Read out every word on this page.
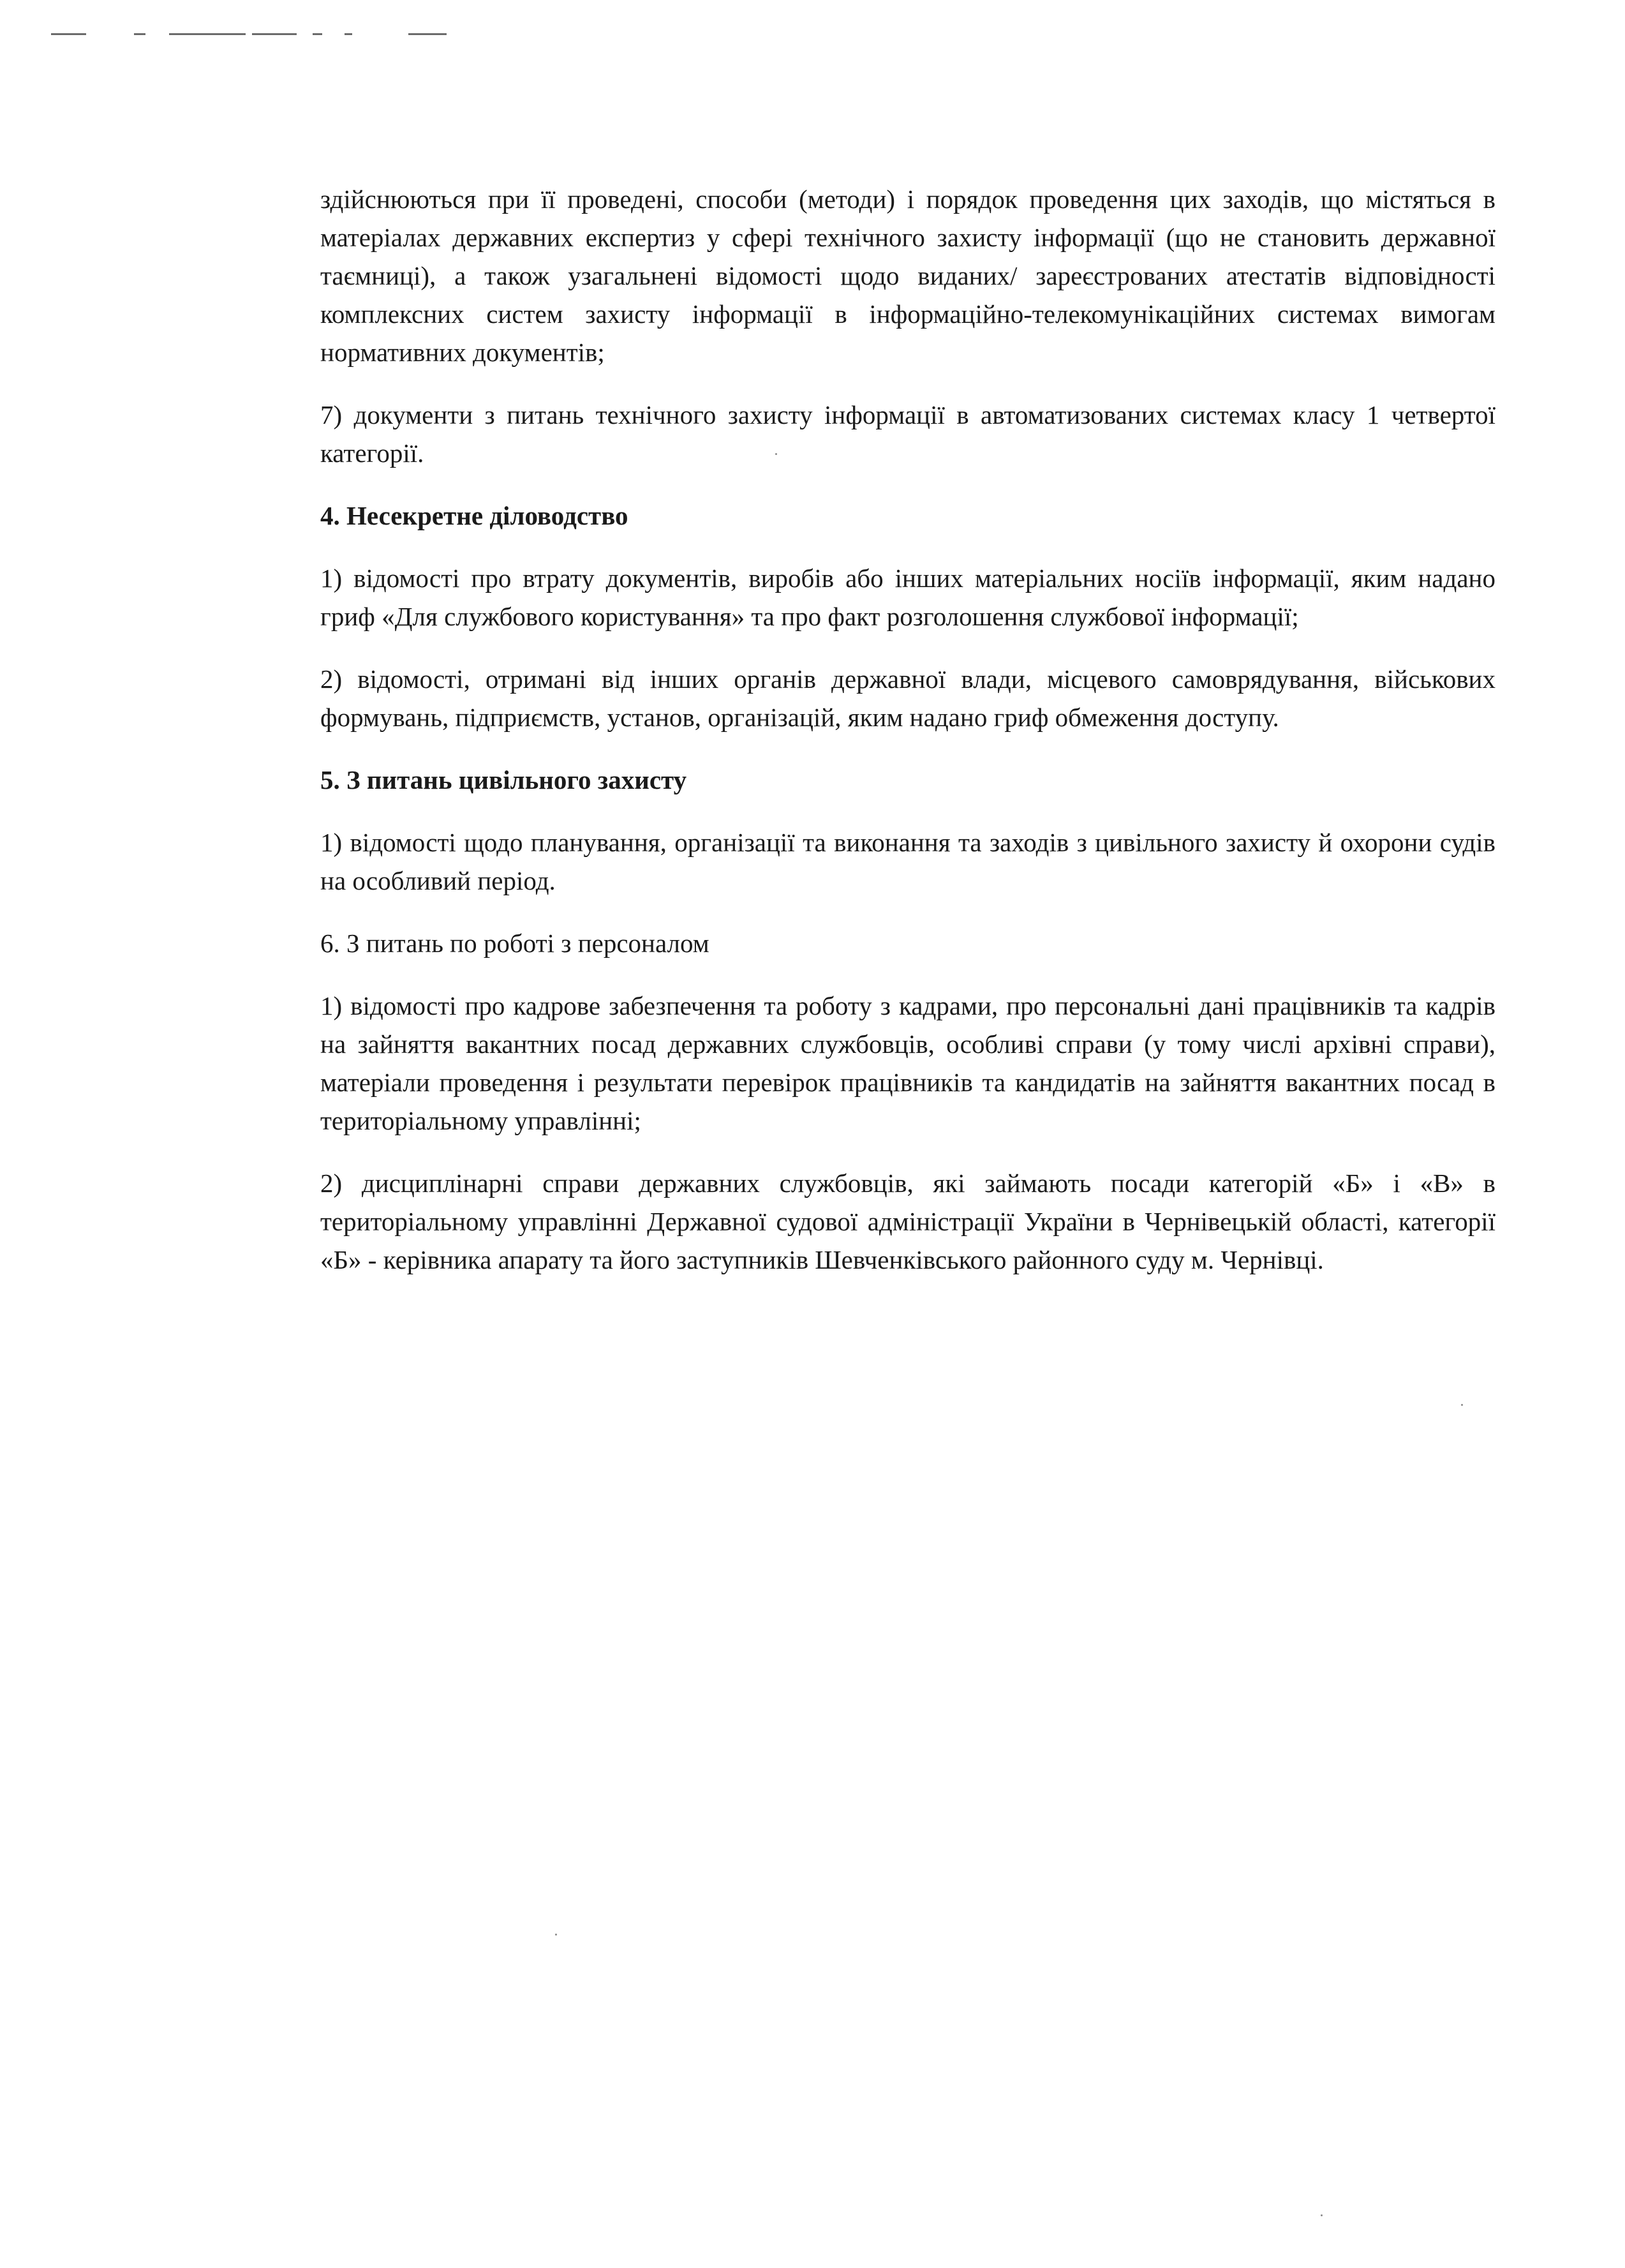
здійснюються при її проведені, способи (методи) і порядок проведення цих заходів, що містяться в матеріалах державних експертиз у сфері технічного захисту інформації (що не становить державної таємниці), а також узагальнені відомості щодо виданих/ зареєстрованих атестатів відповідності комплексних систем захисту інформації в інформаційно-телекомунікаційних системах вимогам нормативних документів;

7) документи з питань технічного захисту інформації в автоматизованих системах класу 1 четвертої категорії.

4. Несекретне діловодство

1) відомості про втрату документів, виробів або інших матеріальних носіїв інформації, яким надано гриф «Для службового користування» та про факт розголошення службової інформації;

2) відомості, отримані від інших органів державної влади, місцевого самоврядування, військових формувань, підприємств, установ, організацій, яким надано гриф обмеження доступу.

5. З питань цивільного захисту

1) відомості щодо планування, організації та виконання та заходів з цивільного захисту й охорони судів на особливий період.

6. З питань по роботі з персоналом

1) відомості про кадрове забезпечення та роботу з кадрами, про персональні дані працівників та кадрів на зайняття вакантних посад державних службовців, особливі справи (у тому числі архівні справи), матеріали проведення і результати перевірок працівників та кандидатів на зайняття вакантних посад в територіальному управлінні;

2) дисциплінарні справи державних службовців, які займають посади категорій «Б» і «В» в територіальному управлінні Державної судової адміністрації України в Чернівецькій області, категорії «Б» - керівника апарату та його заступників Шевченківського районного суду м. Чернівці.
